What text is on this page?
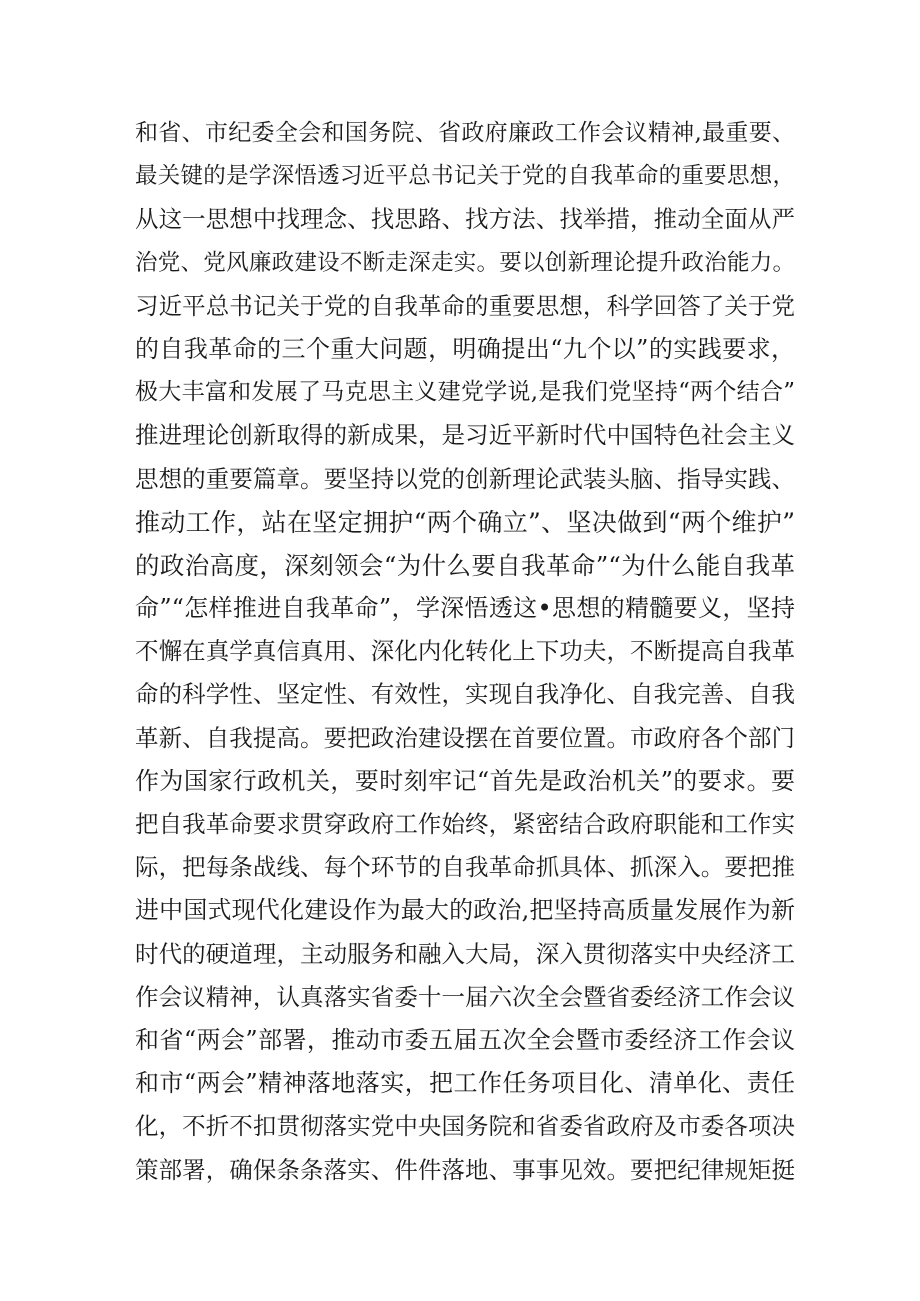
和省、市纪委全会和国务院、省政府廉政工作会议精神,最重要、
最关键的是学深悟透习近平总书记关于党的自我革命的重要思想，
从这一思想中找理念、找思路、找方法、找举措，推动全面从严
治党、党风廉政建设不断走深走实。要以创新理论提升政治能力。
习近平总书记关于党的自我革命的重要思想，科学回答了关于党
的自我革命的三个重大问题，明确提出“九个以”的实践要求，
极大丰富和发展了马克思主义建党学说,是我们党坚持“两个结合”
推进理论创新取得的新成果，是习近平新时代中国特色社会主义
思想的重要篇章。要坚持以党的创新理论武装头脑、指导实践、
推动工作，站在坚定拥护“两个确立”、坚决做到“两个维护”
的政治高度，深刻领会“为什么要自我革命”“为什么能自我革
命”“怎样推进自我革命”，学深悟透这•思想的精髓要义，坚持
不懈在真学真信真用、深化内化转化上下功夫，不断提高自我革
命的科学性、坚定性、有效性，实现自我净化、自我完善、自我
革新、自我提高。要把政治建设摆在首要位置。市政府各个部门
作为国家行政机关，要时刻牢记“首先是政治机关”的要求。要
把自我革命要求贯穿政府工作始终，紧密结合政府职能和工作实
际，把每条战线、每个环节的自我革命抓具体、抓深入。要把推
进中国式现代化建设作为最大的政治,把坚持高质量发展作为新
时代的硬道理，主动服务和融入大局，深入贯彻落实中央经济工
作会议精神，认真落实省委十一届六次全会暨省委经济工作会议
和省“两会”部署，推动市委五届五次全会暨市委经济工作会议
和市“两会”精神落地落实，把工作任务项目化、清单化、责任
化，不折不扣贯彻落实党中央国务院和省委省政府及市委各项决
策部署，确保条条落实、件件落地、事事见效。要把纪律规矩挺
